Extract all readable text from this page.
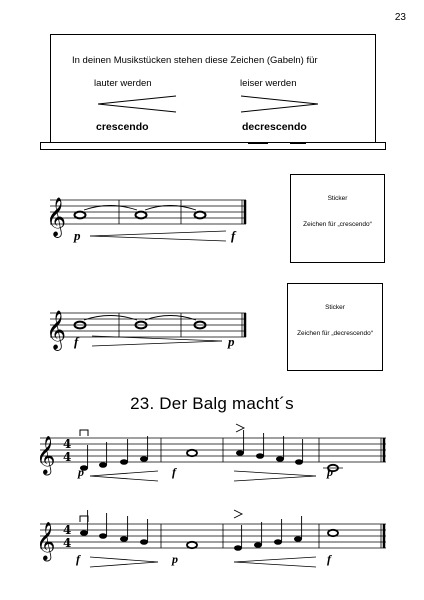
23
In deinen Musikstücken stehen diese Zeichen (Gabeln) für
lauter werden	leiser werden
crescendo	decrescendo
Sticker
Zeichen für „crescendo“
Sticker
Zeichen für „decrescendo“
𝄞 p	f
𝄞 f	p
23. Der Balg macht´s
𝄞 4
4
p	f	p
𝄞 4
4
f	p	f
